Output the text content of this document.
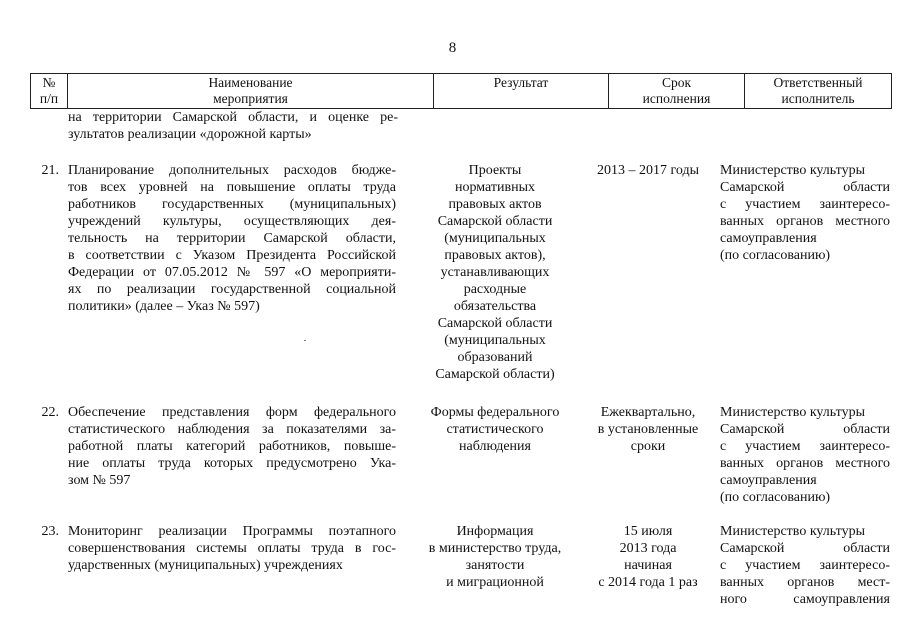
8
№
п/п
Наименование
мероприятия
Результат	Срок
исполнения
Ответственный
исполнитель
на территории Самарской области, и оценке ре-
зультатов реализации «дорожной карты»
21. Планирование дополнительных расходов бюдже-
тов всех уровней на повышение оплаты труда
работников государственных (муниципальных)
учреждений культуры, осуществляющих дея-
тельность на территории Самарской области,
в соответствии с Указом Президента Российской
Федерации от 07.05.2012 № 597 «О мероприяти-
ях по реализации государственной социальной
политики» (далее – Указ № 597)
Проекты
нормативных
правовых актов
Самарской области
(муниципальных
правовых актов),
устанавливающих
расходные
обязательства
Самарской области
(муниципальных
образований
Самарской области)
2013 – 2017 годы	Министерство культуры
Самарской области
с участием заинтересо-
ванных органов местного
самоуправления
(по согласованию)
22. Обеспечение представления форм федерального
статистического наблюдения за показателями за-
работной платы категорий работников, повыше-
ние оплаты труда которых предусмотрено Ука-
зом № 597
Формы федерального
статистического
наблюдения
Ежеквартально,
в установленные
сроки
Министерство культуры
Самарской области
с участием заинтересо-
ванных органов местного
самоуправления
(по согласованию)
23. Мониторинг реализации Программы поэтапного
совершенствования системы оплаты труда в гос-
ударственных (муниципальных) учреждениях
Информация
в министерство труда,
занятости
и миграционной
15 июля
2013 года
начиная
с 2014 года 1 раз
Министерство культуры
Самарской области
с участием заинтересо-
ванных органов мест-
ного самоуправления
